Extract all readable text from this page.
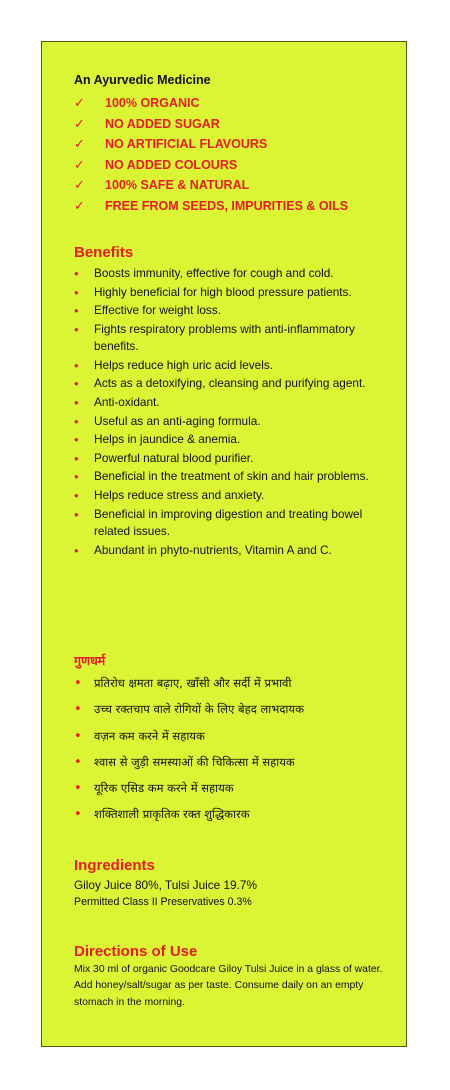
An Ayurvedic Medicine
✓ 100% ORGANIC
✓ NO ADDED SUGAR
✓ NO ARTIFICIAL FLAVOURS
✓ NO ADDED COLOURS
✓ 100% SAFE & NATURAL
✓ FREE FROM SEEDS, IMPURITIES & OILS
Benefits
• Boosts immunity, effective for cough and cold.
• Highly beneficial for high blood pressure patients.
• Effective for weight loss.
• Fights respiratory problems with anti-inflammatory benefits.
• Helps reduce high uric acid levels.
• Acts as a detoxifying, cleansing and purifying agent.
• Anti-oxidant.
• Useful as an anti-aging formula.
• Helps in jaundice & anemia.
• Powerful natural blood purifier.
• Beneficial in the treatment of skin and hair problems.
• Helps reduce stress and anxiety.
• Beneficial in improving digestion and treating bowel related issues.
• Abundant in phyto-nutrients, Vitamin A and C.
गुणधर्म
• प्रतिरोध क्षमता बढ़ाए, खाँसी और सर्दी में प्रभावी
• उच्च रक्तचाप वाले रोगियों के लिए बेहद लाभदायक
• वज़न कम करने में सहायक
• श्वास से जुड़ी समस्याओं की चिकित्सा में सहायक
• यूरिक एसिड कम करने में सहायक
• शक्तिशाली प्राकृतिक रक्त शुद्धिकारक
Ingredients
Giloy Juice 80%, Tulsi Juice 19.7%
Permitted Class II Preservatives 0.3%
Directions of Use

Mix 30 ml of organic Goodcare Giloy Tulsi Juice in a glass of water. Add honey/salt/sugar as per taste. Consume daily on an empty stomach in the morning.
